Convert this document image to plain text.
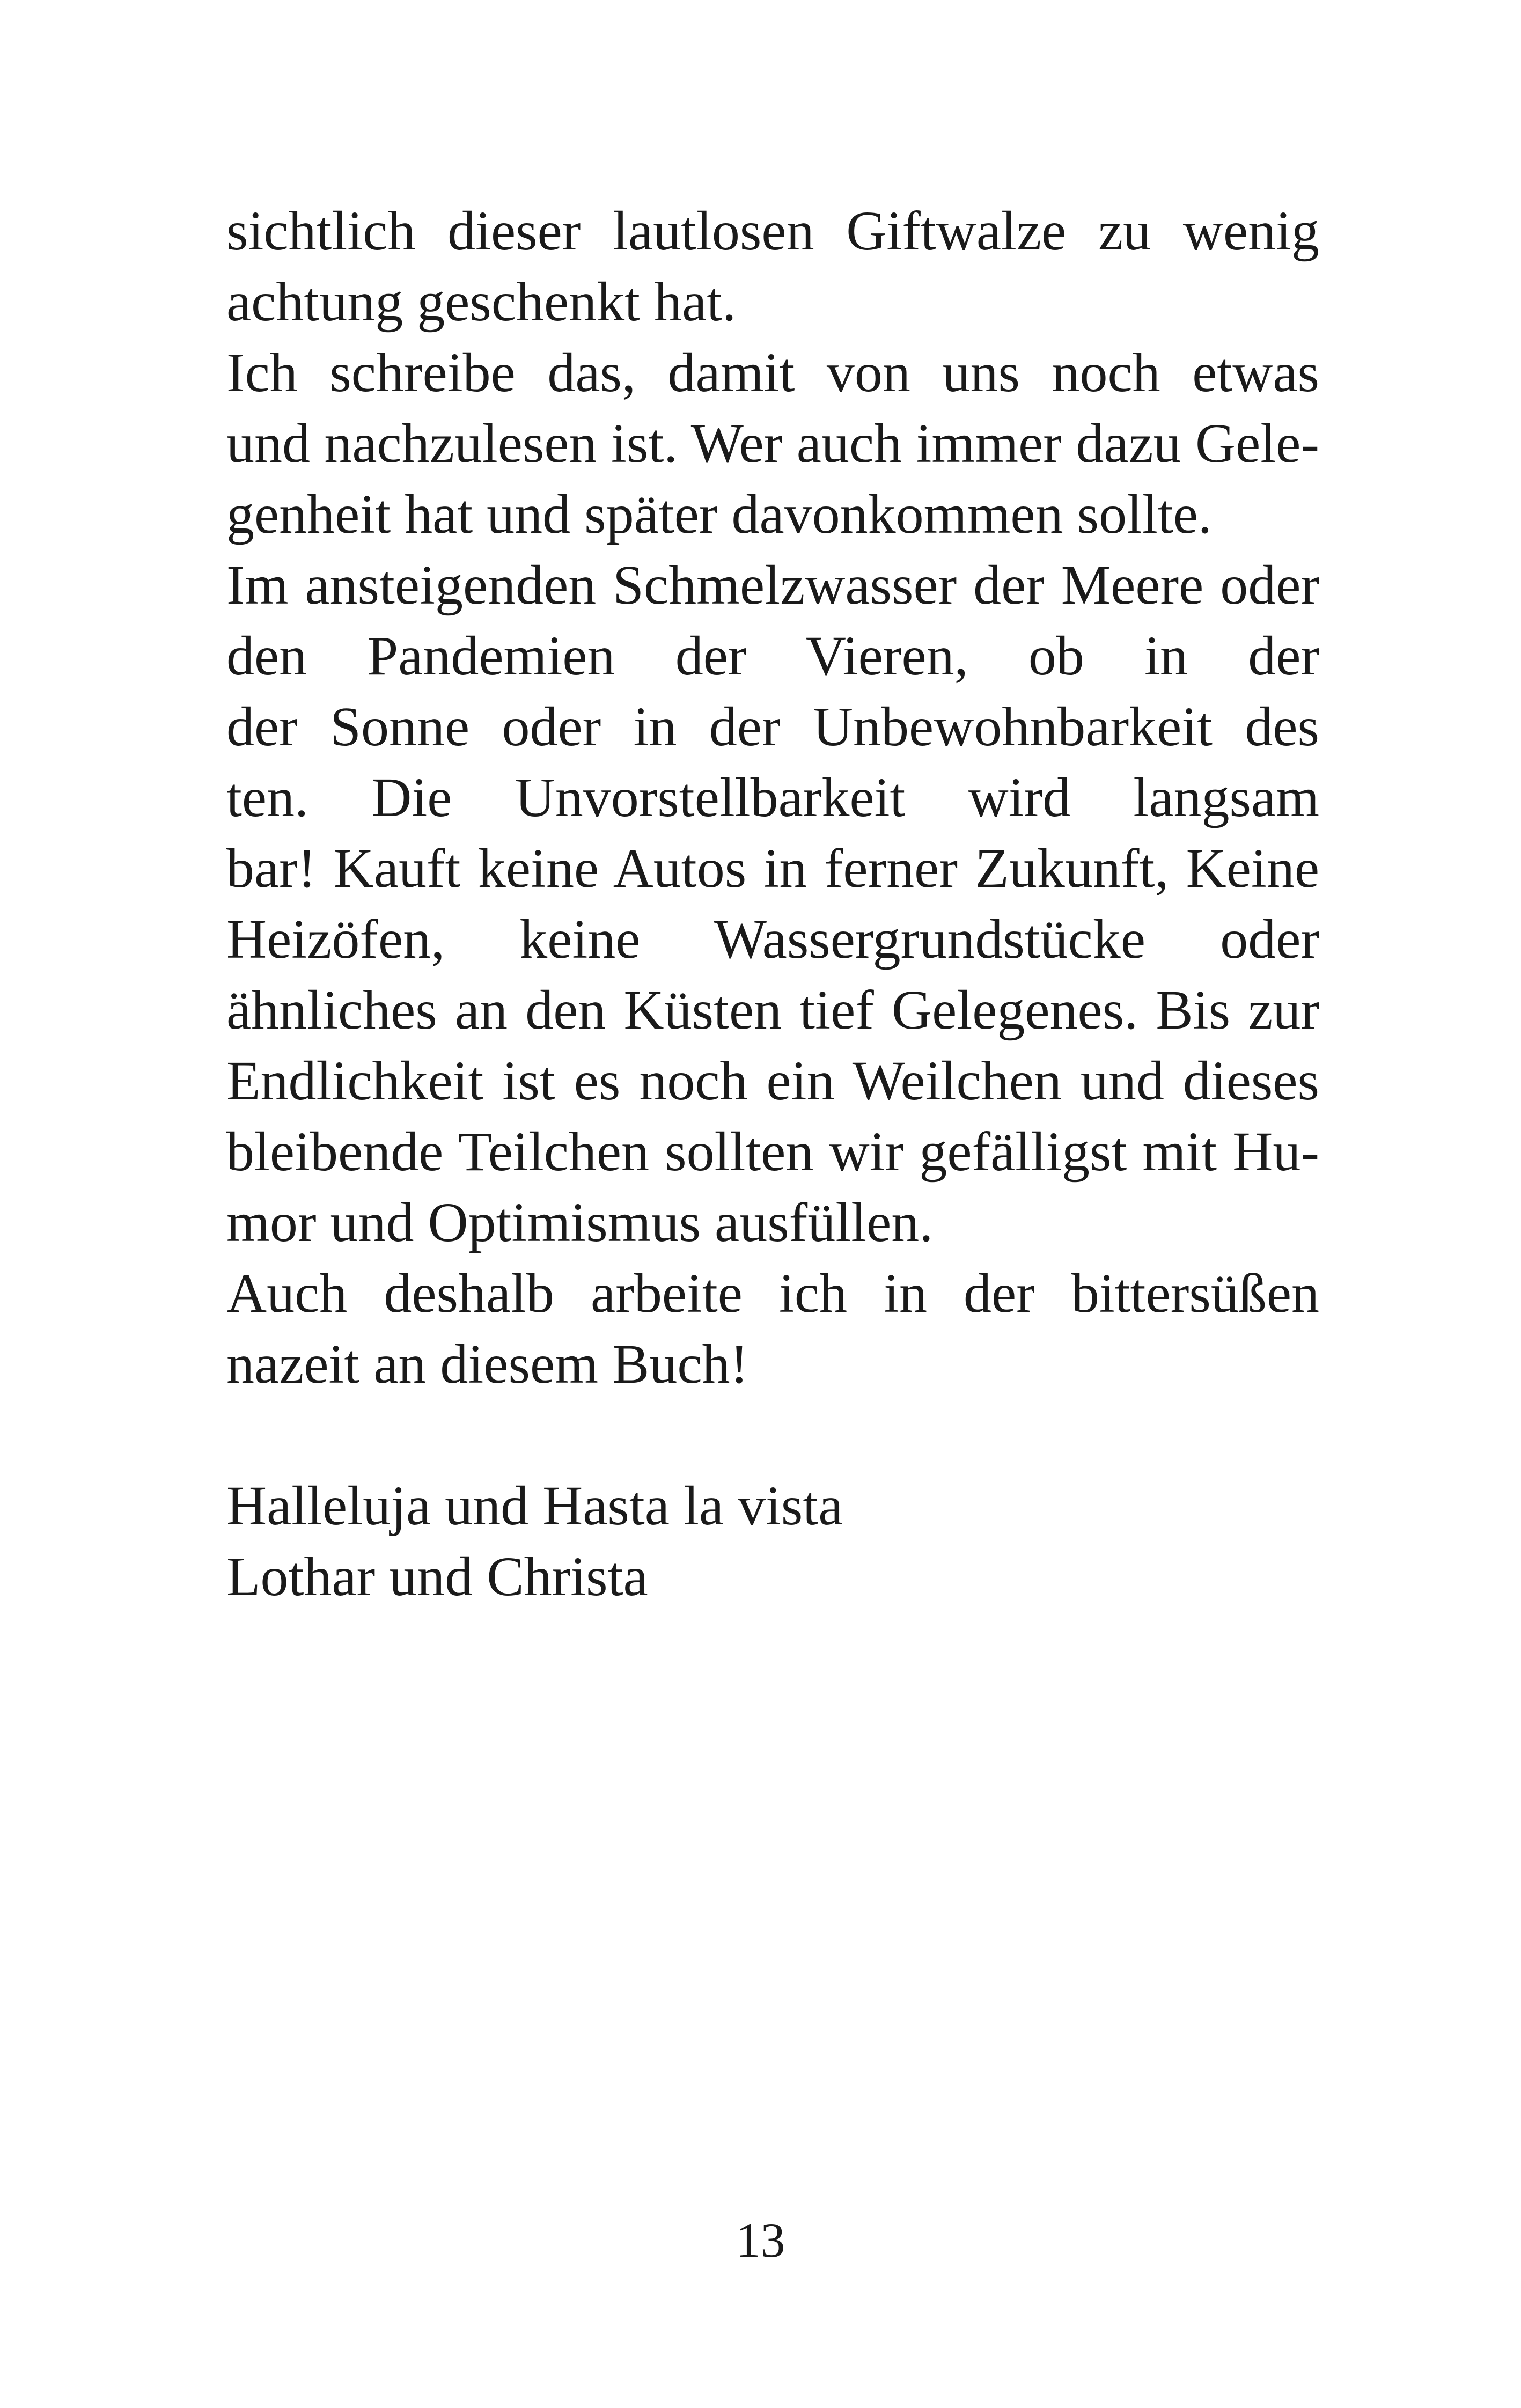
sichtlich dieser lautlosen Giftwalze zu wenig
achtung geschenkt hat.
Ich schreibe das, damit von uns noch etwas
und nachzulesen ist. Wer auch immer dazu Gele-
genheit hat und später davonkommen sollte.
Im ansteigenden Schmelzwasser der Meere oder
den Pandemien der Vieren, ob in der
der Sonne oder in der Unbewohnbarkeit des
ten. Die Unvorstellbarkeit wird langsam
bar! Kauft keine Autos in ferner Zukunft, Keine
Heizöfen, keine Wassergrundstücke oder
ähnliches an den Küsten tief Gelegenes. Bis zur
Endlichkeit ist es noch ein Weilchen und dieses
bleibende Teilchen sollten wir gefälligst mit Hu-
mor und Optimismus ausfüllen.
Auch deshalb arbeite ich in der bittersüßen
nazeit an diesem Buch!
Halleluja und Hasta la vista
Lothar und Christa
13
